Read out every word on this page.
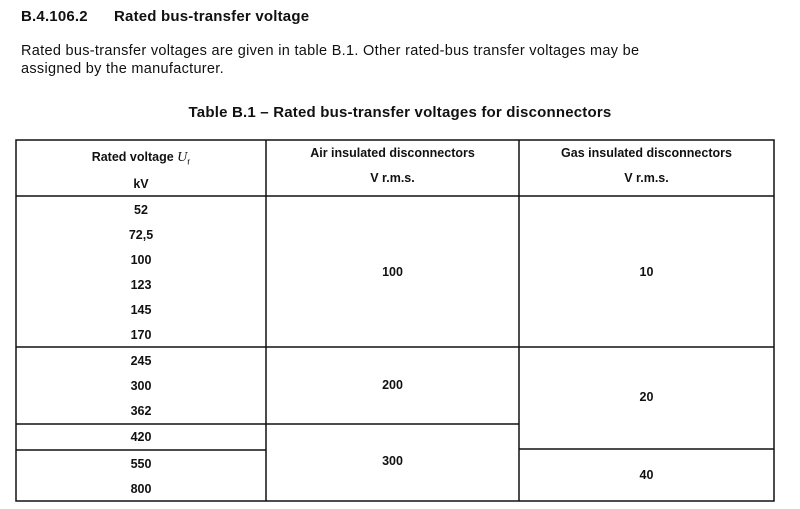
B.4.106.2 Rated bus-transfer voltage
Rated bus-transfer voltages are given in table B.1. Other rated-bus transfer voltages may be
assigned by the manufacturer.
Table B.1 – Rated bus-transfer voltages for disconnectors
Rated voltage $U_r$
kV
Air insulated disconnectors
V r.m.s.
Gas insulated disconnectors
V r.m.s.
52
72,5
100
123
145
170
245
300
362
420
550
800
100
200
300
10
20
40
